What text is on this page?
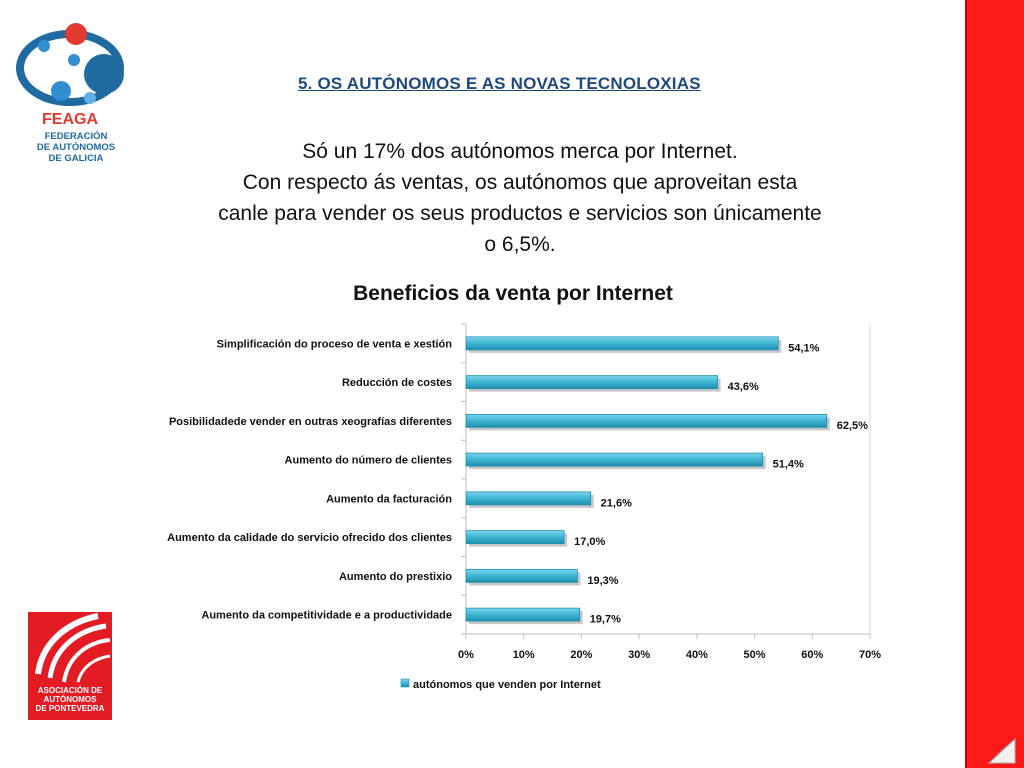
FEAGA
FEDERACIÓN
DE AUTÓNOMOS
DE GALICIA
ASOCIACIÓN DE
AUTÓNOMOS
DE PONTEVEDRA
5. OS AUTÓNOMOS E AS NOVAS TECNOLOXIAS
Só un 17% dos autónomos merca por Internet.
Con respecto ás ventas, os autónomos que aproveitan esta
canle para vender os seus productos e servicios son únicamente
o 6,5%.
Beneficios da venta por Internet
0%	10%	20%	30%	40%	50%	60%	70%
Simplificación do proceso de venta e xestión	54,1%
Reducción de costes	43,6%
Posibilidadede vender en outras xeografías diferentes	62,5%
Aumento do número de clientes	51,4%
Aumento da facturación	21,6%
Aumento da calidade do servicio ofrecido dos clientes	17,0%
Aumento do prestixio	19,3%
Aumento da competitividade e a productividade	19,7%
autónomos que venden por Internet
